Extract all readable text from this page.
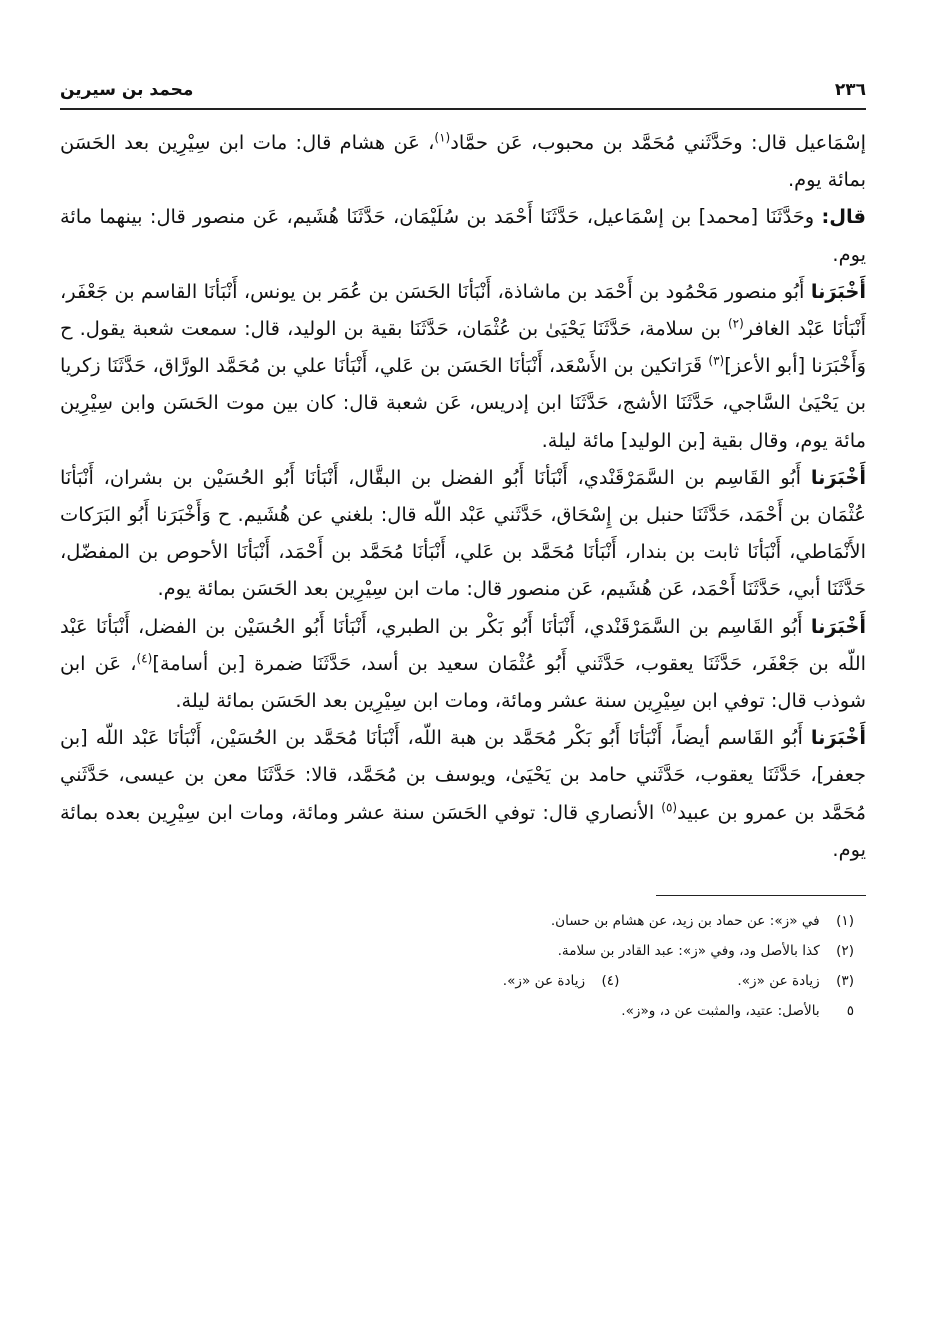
٢٣٦
محمد بن سيرين

إسْمَاعيل قال: وحَدَّثَني مُحَمَّد بن محبوب، عَن حمَّاد$^{(١)}$، عَن هشام قال: مات ابن سِيْرِين بعد الحَسَن بمائة يوم.

قال: وحَدَّثَنَا [محمد] بن إسْمَاعيل، حَدَّثَنَا أَحْمَد بن سُلَيْمَان، حَدَّثَنَا هُشَيم، عَن منصور قال: بينهما مائة يوم.

أَخْبَرَنا أَبُو منصور مَحْمُود بن أَحْمَد بن ماشاذة، أَنْبَأنَا الحَسَن بن عُمَر بن يونس، أَنْبَأنَا القاسم بن جَعْفَر، أَنْبَأنَا عَبْد الغافر$^{(٢)}$ بن سلامة، حَدَّثَنَا يَحْيَىٰ بن عُثْمَان، حَدَّثَنَا بقية بن الوليد، قال: سمعت شعبة يقول. ح وَأَخْبَرَنا [أبو الأعز]$^{(٣)}$ قَرَاتكين بن الأَسْعَد، أَنْبَأنَا الحَسَن بن عَلي، أَنْبَأنَا علي بن مُحَمَّد الورَّاق، حَدَّثَنَا زكريا بن يَحْيَىٰ السَّاجي، حَدَّثَنَا الأشج، حَدَّثَنَا ابن إدريس، عَن شعبة قال: كان بين موت الحَسَن وابن سِيْرِين مائة يوم، وقال بقية [بن الوليد] مائة ليلة.

أَخْبَرَنا أَبُو القَاسِم بن السَّمَرْقَنْدي، أَنْبَأنَا أَبُو الفضل بن البقَّال، أَنْبَأنَا أَبُو الحُسَيْن بن بشران، أَنْبَأنَا عُثْمَان بن أَحْمَد، حَدَّثَنَا حنبل بن إِسْحَاق، حَدَّثَني عَبْد اللّه قال: بلغني عن هُشَيم. ح وَأَخْبَرَنا أَبُو البَرَكات الأَنْمَاطي، أَنْبَأنَا ثابت بن بندار، أَنْبَأنَا مُحَمَّد بن عَلي، أَنْبَأنَا مُحَمَّد بن أَحْمَد، أَنْبَأنَا الأحوص بن المفضّل، حَدَّثَنَا أبي، حَدَّثَنَا أَحْمَد، عَن هُشَيم، عَن منصور قال: مات ابن سِيْرِين بعد الحَسَن بمائة يوم.

أَخْبَرَنا أَبُو القَاسِم بن السَّمَرْقَنْدي، أَنْبَأنَا أَبُو بَكْر بن الطبري، أَنْبَأنَا أَبُو الحُسَيْن بن الفضل، أَنْبَأنَا عَبْد اللّه بن جَعْفَر، حَدَّثَنَا يعقوب، حَدَّثَني أَبُو عُثْمَان سعيد بن أسد، حَدَّثَنَا ضمرة [بن أسامة]$^{(٤)}$، عَن ابن شوذب قال: توفي ابن سِيْرِين سنة عشر ومائة، ومات ابن سِيْرِين بعد الحَسَن بمائة ليلة.

أَخْبَرَنا أَبُو القَاسم أيضاً، أَنْبَأنَا أَبُو بَكْر مُحَمَّد بن هبة اللّه، أَنْبَأنَا مُحَمَّد بن الحُسَيْن، أَنْبَأنَا عَبْد اللّه [بن جعفر]، حَدَّثَنَا يعقوب، حَدَّثَني حامد بن يَحْيَىٰ، ويوسف بن مُحَمَّد، قالا: حَدَّثَنَا معن بن عيسى، حَدَّثَني مُحَمَّد بن عمرو بن عبيد$^{(٥)}$ الأنصاري قال: توفي الحَسَن سنة عشر ومائة، ومات ابن سِيْرِين بعده بمائة يوم.

(١) في «ز»: عن حماد بن زيد، عن هشام بن حسان.
(٢) كذا بالأصل ود، وفي «ز»: عبد القادر بن سلامة.
(٣) زيادة عن «ز».
(٤) زيادة عن «ز».
٥ بالأصل: عتيد، والمثبت عن د، و«ز».
